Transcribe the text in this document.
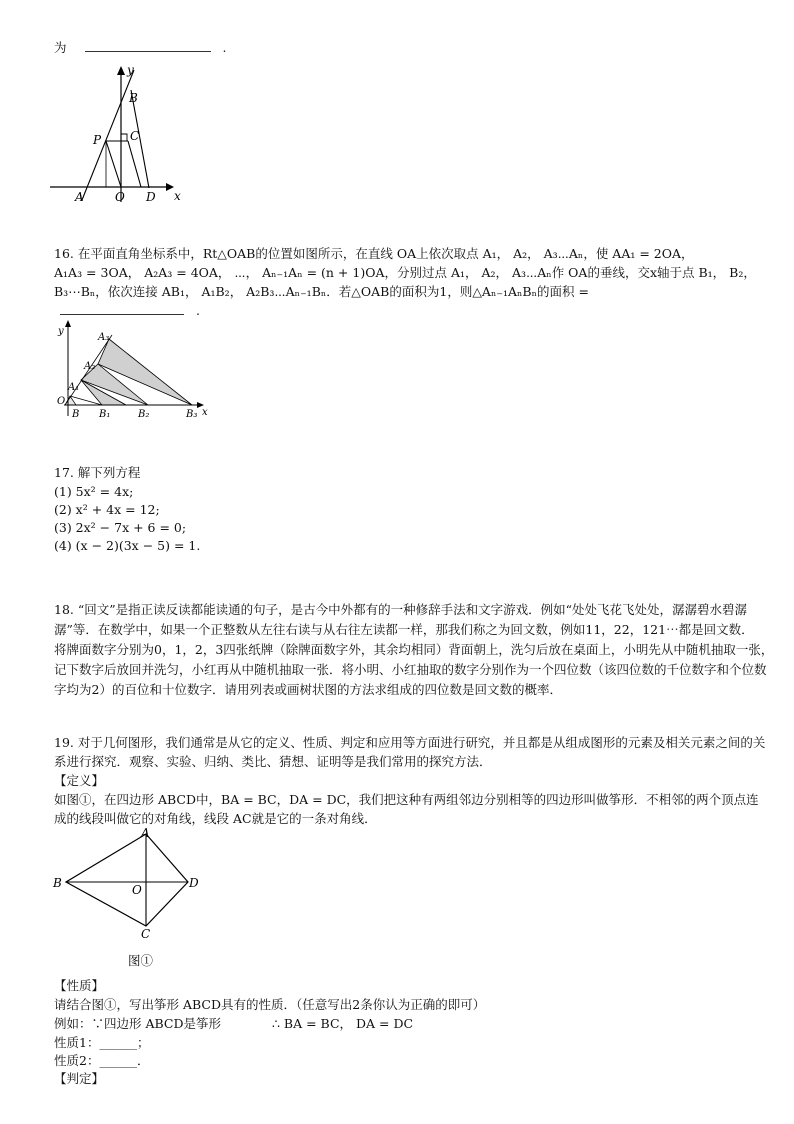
为	.
y
x
B
P C
A	O D
16. 在平面直角坐标系中，Rt△OAB的位置如图所示，在直线 OA上依次取点 A₁， A₂， A₃⋯Aₙ，使 AA₁ = 2OA，
A₁A₃ = 3OA， A₂A₃ = 4OA， ⋯， Aₙ₋₁Aₙ = (n + 1)OA，分别过点 A₁， A₂， A₃⋯Aₙ作 OA的垂线，交x轴于点 B₁， B₂，
B₃⋯Bₙ，依次连接 AB₁， A₁B₂， A₂B₃⋯Aₙ₋₁Bₙ．若△OAB的面积为1，则△Aₙ₋₁AₙBₙ的面积 =
.
y
x
O
A₁
A₂
A₃
B B₁	B₂	B₃
17. 解下列方程
(1) 5x² = 4x;
(2) x² + 4x = 12;
(3) 2x² − 7x + 6 = 0;
(4) (x − 2)(3x − 5) = 1.
18. “回文”是指正读反读都能读通的句子，是古今中外都有的一种修辞手法和文字游戏．例如“处处飞花飞处处，潺潺碧水碧潺
潺”等．在数学中，如果一个正整数从左往右读与从右往左读都一样，那我们称之为回文数，例如11，22，121⋯都是回文数．
将牌面数字分别为0，1，2，3四张纸牌（除牌面数字外，其余均相同）背面朝上，洗匀后放在桌面上，小明先从中随机抽取一张，
记下数字后放回并洗匀，小红再从中随机抽取一张．将小明、小红抽取的数字分别作为一个四位数（该四位数的千位数字和个位数
字均为2）的百位和十位数字．请用列表或画树状图的方法求组成的四位数是回文数的概率．
19. 对于几何图形，我们通常是从它的定义、性质、判定和应用等方面进行研究，并且都是从组成图形的元素及相关元素之间的关
系进行探究．观察、实验、归纳、类比、猜想、证明等是我们常用的探究方法．
【定义】
如图①，在四边形 ABCD中，BA = BC，DA = DC，我们把这种有两组邻边分别相等的四边形叫做筝形．不相邻的两个顶点连
成的线段叫做它的对角线，线段 AC就是它的一条对角线．
A
B
C
D
O
图①
【性质】
请结合图①，写出筝形 ABCD具有的性质．（任意写出2条你认为正确的即可）
例如：∵四边形 ABCD是筝形	∴ BA = BC， DA = DC
性质1：______；
性质2：______．
【判定】
